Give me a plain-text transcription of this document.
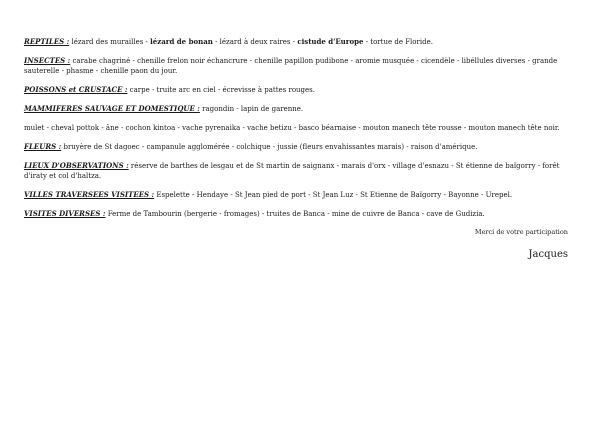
REPTILES : lézard des murailles - lézard de bonan - lézard à deux raires - cistude d'Europe - tortue de Floride.

INSECTES : carabe chagriné - chenille frelon noir échancrure - chenille papillon pudibone - aromie musquée - cicendèle - libéllules diverses - grande sauterelle - phasme - chenille paon du jour.

POISSONS et CRUSTACE : carpe - truite arc en ciel - écrevisse à pattes rouges.

MAMMIFERES SAUVAGE ET DOMESTIQUE : ragondin - lapin de garenne.

mulet - cheval pottok - âne - cochon kintoa - vache pyrenaika - vache betizu - basco béarnaise - mouton manech tête rousse - mouton manech tête noir.

FLEURS : bruyère de St dagoec - campanule agglomérée - colchique - jussie (fleurs envahissantes marais) - raison d'amérique.

LIEUX D'OBSERVATIONS : réserve de barthes de lesgau et de St martin de saignanx - marais d'orx - village d'esnazu - St étienne de baïgorry - forêt d'iraty et col d'haltza.

VILLES TRAVERSEES VISITEES : Espelette - Hendaye - St Jean pied de port - St Jean Luz - St Etienne de Baïgorry - Bayonne - Urepel.

VISITES DIVERSES : Ferme de Tambourin (bergerie - fromages) - truites de Banca - mine de cuivre de Banca - cave de Gudizia.

Merci de votre participation
Jacques
